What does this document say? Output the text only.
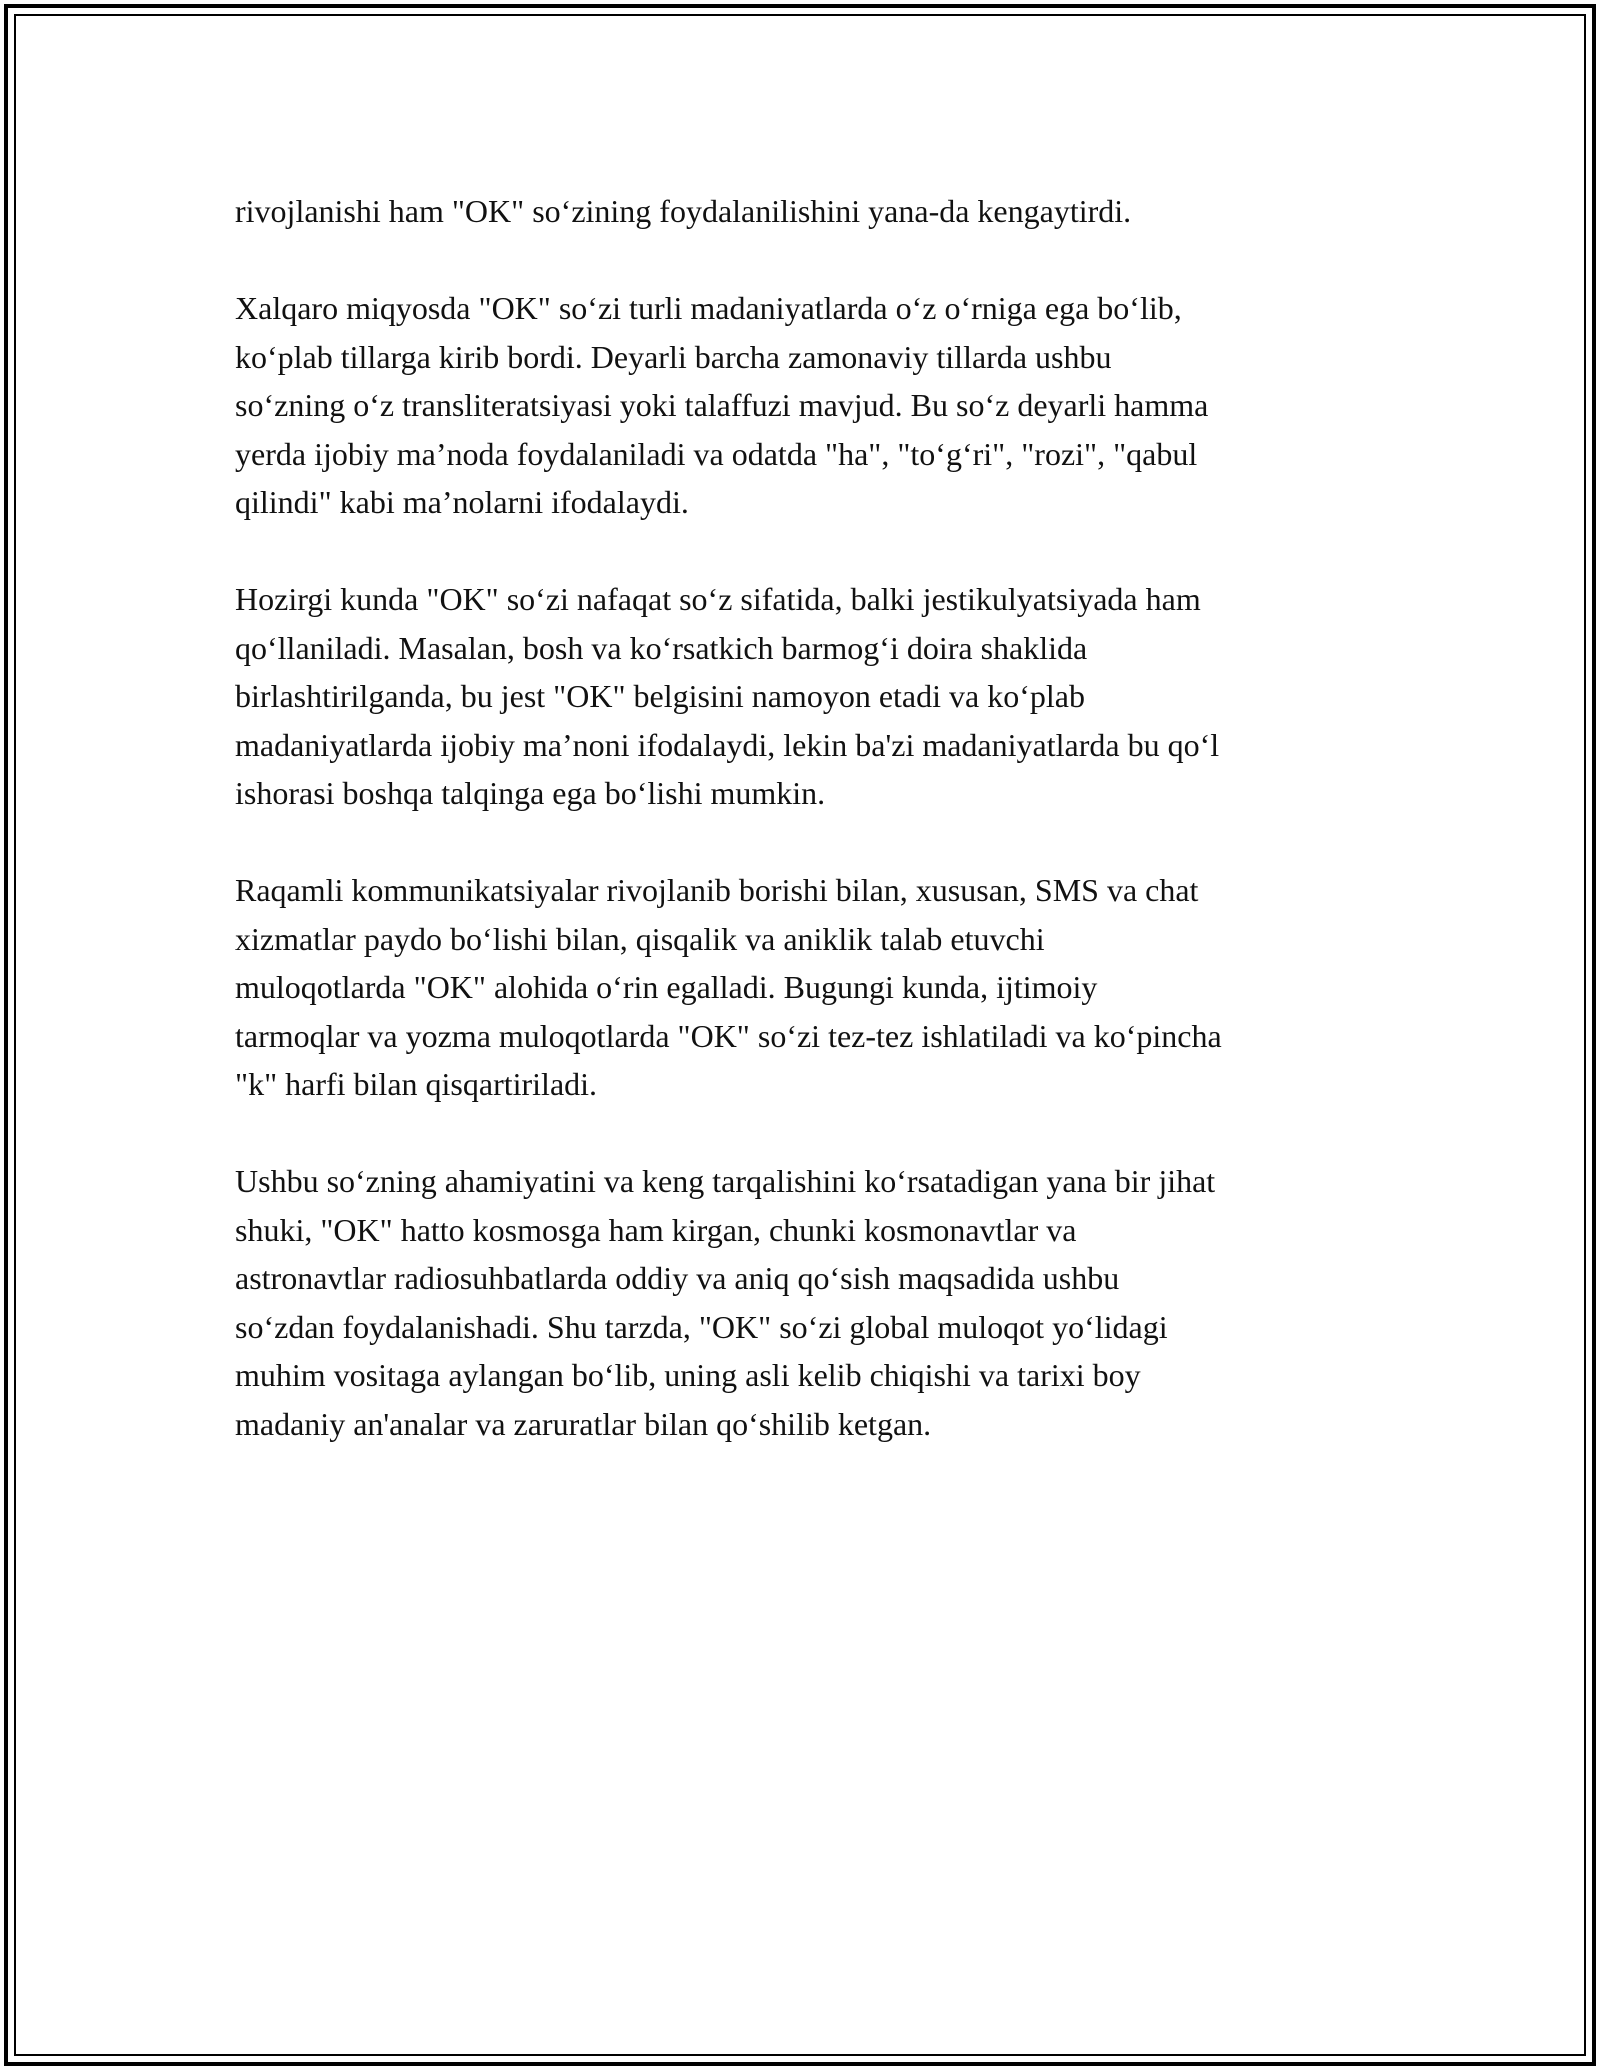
rivojlanishi ham "OK" so‘zining foydalanilishini yana-da kengaytirdi.

Xalqaro miqyosda "OK" so‘zi turli madaniyatlarda o‘z o‘rniga ega bo‘lib,
ko‘plab tillarga kirib bordi. Deyarli barcha zamonaviy tillarda ushbu
so‘zning o‘z transliteratsiyasi yoki talaffuzi mavjud. Bu so‘z deyarli hamma
yerda ijobiy ma’noda foydalaniladi va odatda "ha", "to‘g‘ri", "rozi", "qabul
qilindi" kabi ma’nolarni ifodalaydi.

Hozirgi kunda "OK" so‘zi nafaqat so‘z sifatida, balki jestikulyatsiyada ham
qo‘llaniladi. Masalan, bosh va ko‘rsatkich barmog‘i doira shaklida
birlashtirilganda, bu jest "OK" belgisini namoyon etadi va ko‘plab
madaniyatlarda ijobiy ma’noni ifodalaydi, lekin ba'zi madaniyatlarda bu qo‘l
ishorasi boshqa talqinga ega bo‘lishi mumkin.

Raqamli kommunikatsiyalar rivojlanib borishi bilan, xususan, SMS va chat
xizmatlar paydo bo‘lishi bilan, qisqalik va aniklik talab etuvchi
muloqotlarda "OK" alohida o‘rin egalladi. Bugungi kunda, ijtimoiy
tarmoqlar va yozma muloqotlarda "OK" so‘zi tez-tez ishlatiladi va ko‘pincha
"k" harfi bilan qisqartiriladi.

Ushbu so‘zning ahamiyatini va keng tarqalishini ko‘rsatadigan yana bir jihat
shuki, "OK" hatto kosmosga ham kirgan, chunki kosmonavtlar va
astronavtlar radiosuhbatlarda oddiy va aniq qo‘sish maqsadida ushbu
so‘zdan foydalanishadi. Shu tarzda, "OK" so‘zi global muloqot yo‘lidagi
muhim vositaga aylangan bo‘lib, uning asli kelib chiqishi va tarixi boy
madaniy an'analar va zaruratlar bilan qo‘shilib ketgan.
